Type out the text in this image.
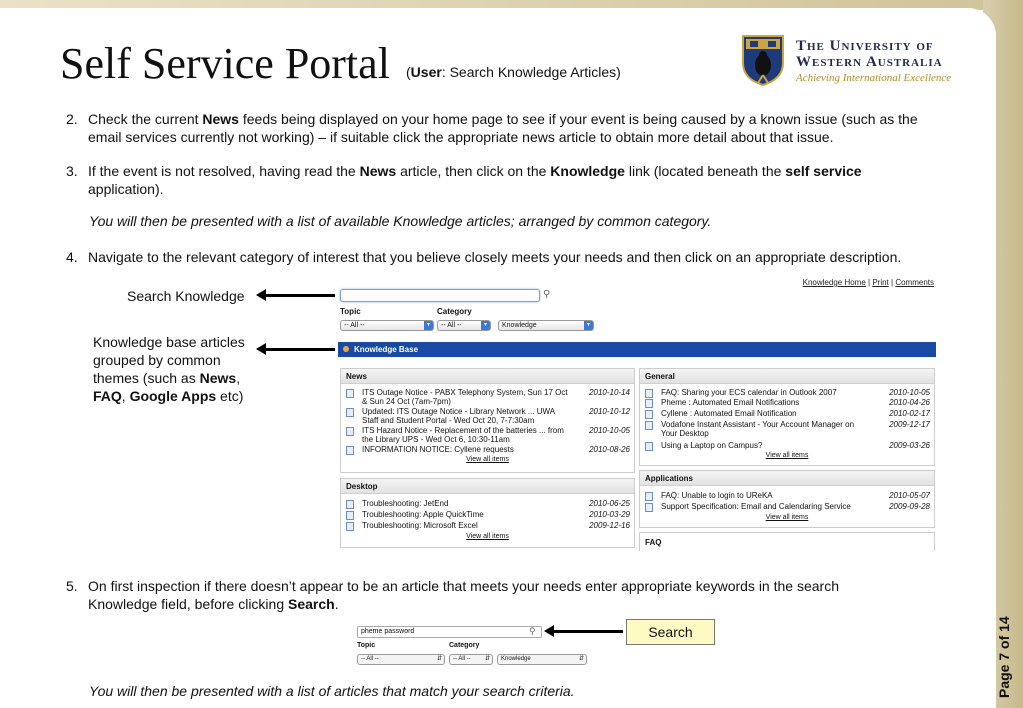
Self Service Portal (User: Search Knowledge Articles)
The University of
Western Australia
Achieving International Excellence
2. Check the current News feeds being displayed on your home page to see if your event is being caused by a known issue (such as the email services currently not working) – if suitable click the appropriate news article to obtain more detail about that issue.
3. If the event is not resolved, having read the News article, then click on the Knowledge link (located beneath the self service application).
You will then be presented with a list of available Knowledge articles; arranged by common category.
4. Navigate to the relevant category of interest that you believe closely meets your needs and then click on an appropriate description.
Search Knowledge
Knowledge base articles
grouped by common
themes (such as News,
FAQ, Google Apps etc)
Knowledge Home | Print | Comments
⚲
Topic	Category
-- All --	▾	-- All --	▾	Knowledge	▾
Knowledge Base
News
ITS Outage Notice - PABX Telephony System, Sun 17 Oct & Sun 24 Oct (7am-7pm)
2010-10-14
Updated: ITS Outage Notice - Library Network ... UWA Staff and Student Portal - Wed Oct 20, 7-7:30am
2010-10-12
ITS Hazard Notice - Replacement of the batteries ... from the Library UPS - Wed Oct 6, 10:30-11am
2010-10-05
INFORMATION NOTICE: Cyllene requests	2010-08-26
View all items
Desktop
Troubleshooting: JetEnd	2010-06-25
Troubleshooting: Apple QuickTime	2010-03-29
Troubleshooting: Microsoft Excel	2009-12-16
View all items
General
FAQ: Sharing your ECS calendar in Outlook 2007	2010-10-05
Pheme : Automated Email Notifications	2010-04-26
Cyllene : Automated Email Notification	2010-02-17
Vodafone Instant Assistant - Your Account Manager on Your Desktop
2009-12-17
Using a Laptop on Campus?	2009-03-26
View all items
Applications
FAQ: Unable to login to UReKA	2010-05-07
Support Specification: Email and Calendaring Service	2009-09-28
View all items
FAQ
5. On first inspection if there doesn’t appear to be an article that meets your needs enter appropriate keywords in the search Knowledge field, before clicking Search.
pheme password	⚲
Topic	Category
-- All --	⇵	-- All -- ⇵	Knowledge	⇵
Search
You will then be presented with a list of articles that match your search criteria.	Page 7 of 14
